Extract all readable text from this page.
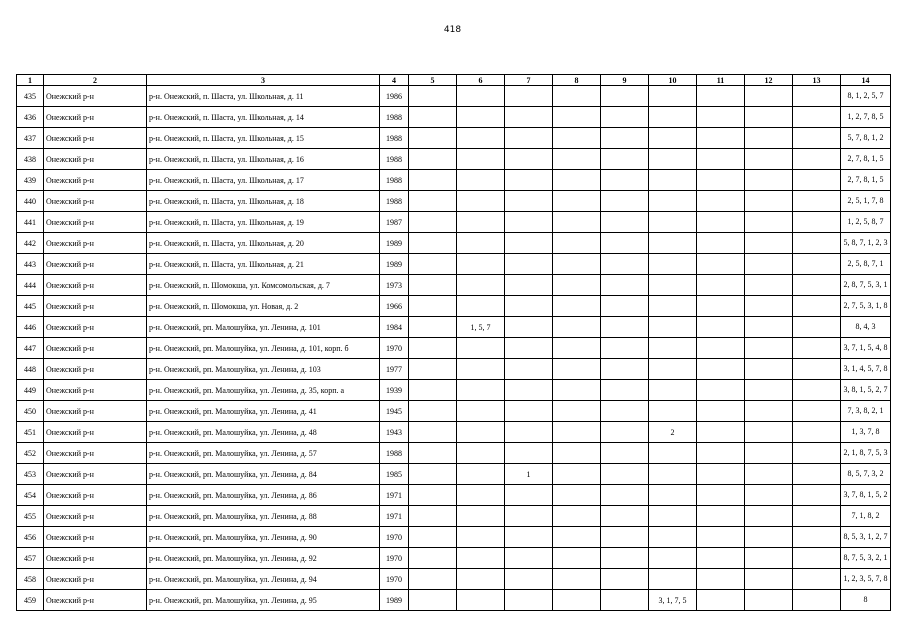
418
1	2	3	4	5	6	7	8	9	10	11	12	13	14
435	Онежский р-н	р-н. Онежский, п. Шаста, ул. Школьная, д. 11	1986										8, 1, 2, 5, 7
436	Онежский р-н	р-н. Онежский, п. Шаста, ул. Школьная, д. 14	1988										1, 2, 7, 8, 5
437	Онежский р-н	р-н. Онежский, п. Шаста, ул. Школьная, д. 15	1988										5, 7, 8, 1, 2
438	Онежский р-н	р-н. Онежский, п. Шаста, ул. Школьная, д. 16	1988										2, 7, 8, 1, 5
439	Онежский р-н	р-н. Онежский, п. Шаста, ул. Школьная, д. 17	1988										2, 7, 8, 1, 5
440	Онежский р-н	р-н. Онежский, п. Шаста, ул. Школьная, д. 18	1988										2, 5, 1, 7, 8
441	Онежский р-н	р-н. Онежский, п. Шаста, ул. Школьная, д. 19	1987										1, 2, 5, 8, 7
442	Онежский р-н	р-н. Онежский, п. Шаста, ул. Школьная, д. 20	1989										5, 8, 7, 1, 2, 3
443	Онежский р-н	р-н. Онежский, п. Шаста, ул. Школьная, д. 21	1989										2, 5, 8, 7, 1
444	Онежский р-н	р-н. Онежский, п. Шомокша, ул. Комсомольская, д. 7	1973										2, 8, 7, 5, 3, 1
445	Онежский р-н	р-н. Онежский, п. Шомокша, ул. Новая, д. 2	1966										2, 7, 5, 3, 1, 8
446	Онежский р-н	р-н. Онежский, рп. Малошуйка, ул. Ленина, д. 101	1984		1, 5, 7								8, 4, 3
447	Онежский р-н	р-н. Онежский, рп. Малошуйка, ул. Ленина, д. 101, корп. б	1970										3, 7, 1, 5, 4, 8
448	Онежский р-н	р-н. Онежский, рп. Малошуйка, ул. Ленина, д. 103	1977										3, 1, 4, 5, 7, 8
449	Онежский р-н	р-н. Онежский, рп. Малошуйка, ул. Ленина, д. 35, корп. а	1939										3, 8, 1, 5, 2, 7
450	Онежский р-н	р-н. Онежский, рп. Малошуйка, ул. Ленина, д. 41	1945										7, 3, 8, 2, 1
451	Онежский р-н	р-н. Онежский, рп. Малошуйка, ул. Ленина, д. 48	1943						2				1, 3, 7, 8
452	Онежский р-н	р-н. Онежский, рп. Малошуйка, ул. Ленина, д. 57	1988										2, 1, 8, 7, 5, 3
453	Онежский р-н	р-н. Онежский, рп. Малошуйка, ул. Ленина, д. 84	1985			1							8, 5, 7, 3, 2
454	Онежский р-н	р-н. Онежский, рп. Малошуйка, ул. Ленина, д. 86	1971										3, 7, 8, 1, 5, 2
455	Онежский р-н	р-н. Онежский, рп. Малошуйка, ул. Ленина, д. 88	1971										7, 1, 8, 2
456	Онежский р-н	р-н. Онежский, рп. Малошуйка, ул. Ленина, д. 90	1970										8, 5, 3, 1, 2, 7
457	Онежский р-н	р-н. Онежский, рп. Малошуйка, ул. Ленина, д. 92	1970										8, 7, 5, 3, 2, 1
458	Онежский р-н	р-н. Онежский, рп. Малошуйка, ул. Ленина, д. 94	1970										1, 2, 3, 5, 7, 8
459	Онежский р-н	р-н. Онежский, рп. Малошуйка, ул. Ленина, д. 95	1989						3, 1, 7, 5				8
